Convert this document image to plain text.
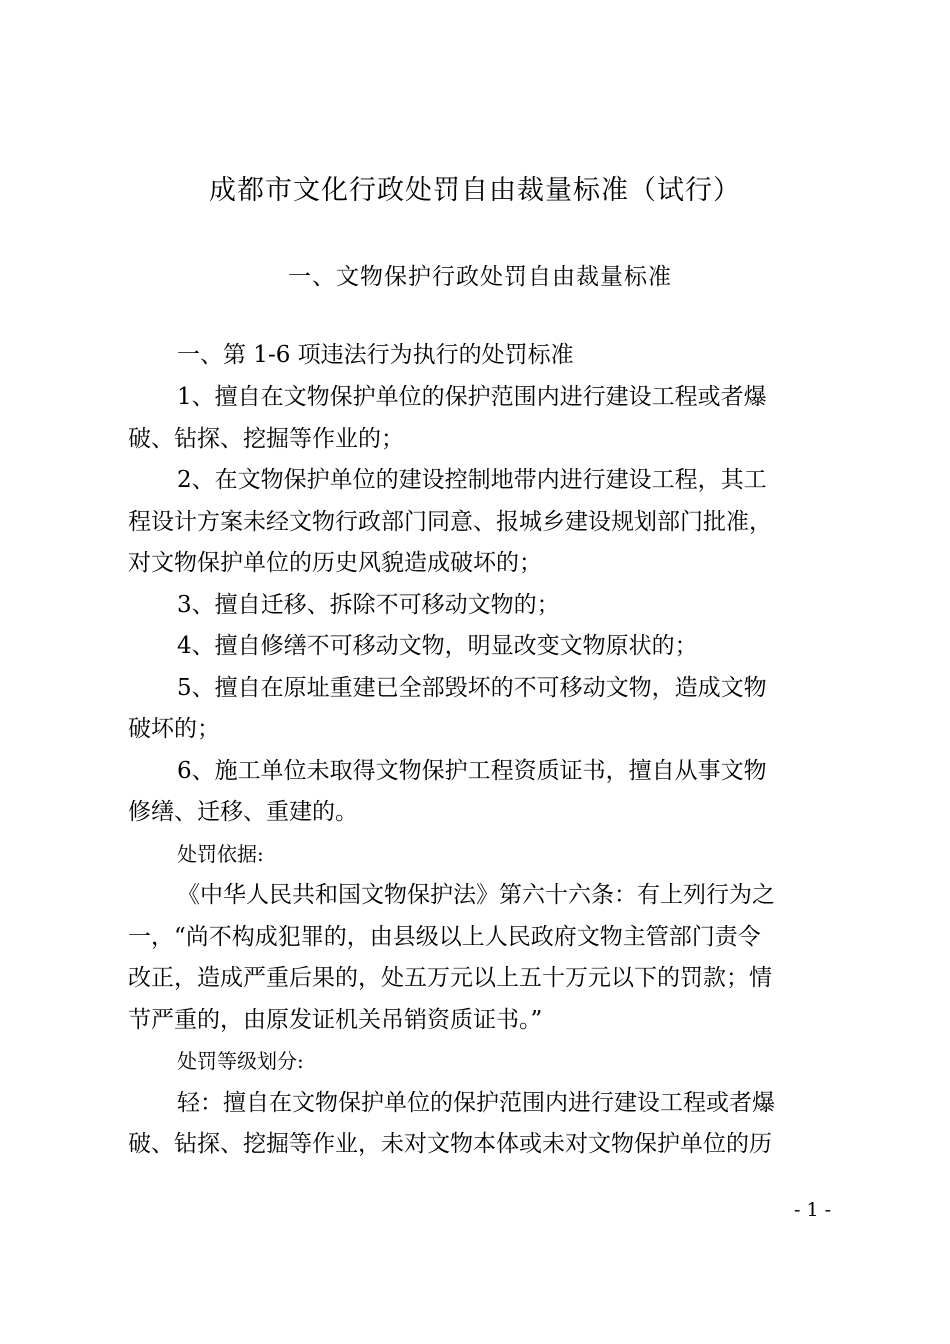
成都市文化行政处罚自由裁量标准（试行）
一、文物保护行政处罚自由裁量标准
一、第 1-6 项违法行为执行的处罚标准
1、擅自在文物保护单位的保护范围内进行建设工程或者爆
破、钻探、挖掘等作业的；
2、在文物保护单位的建设控制地带内进行建设工程，其工
程设计方案未经文物行政部门同意、报城乡建设规划部门批准，
对文物保护单位的历史风貌造成破坏的；
3、擅自迁移、拆除不可移动文物的；
4、擅自修缮不可移动文物，明显改变文物原状的；
5、擅自在原址重建已全部毁坏的不可移动文物，造成文物
破坏的；
6、施工单位未取得文物保护工程资质证书，擅自从事文物
修缮、迁移、重建的。
处罚依据:
《中华人民共和国文物保护法》第六十六条：有上列行为之
一，“尚不构成犯罪的，由县级以上人民政府文物主管部门责令
改正，造成严重后果的，处五万元以上五十万元以下的罚款；情
节严重的，由原发证机关吊销资质证书。”
处罚等级划分:
轻：擅自在文物保护单位的保护范围内进行建设工程或者爆
破、钻探、挖掘等作业，未对文物本体或未对文物保护单位的历
- 1 -
